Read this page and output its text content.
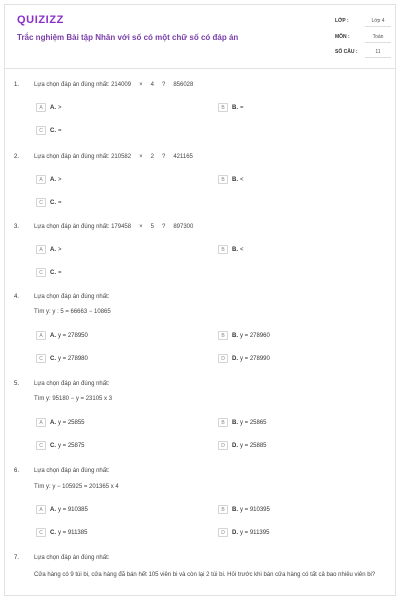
QUIZIZZ
Trắc nghiệm Bài tập Nhân với số có một chữ số có đáp án
LỚP :	Lớp 4
MÔN :	Toán
SỐ CÂU :	11
1. Lựa chọn đáp án đúng nhất: 214009 × 4 ? 856028
A	A. >	B	B. =
C	C. =
2. Lựa chọn đáp án đúng nhất: 210582 × 2 ? 421165
A	A. >	B	B. <
C	C. =
3. Lựa chọn đáp án đúng nhất: 179458 × 5 ? 897300
A	A. >	B	B. <
C	C. =
4. Lựa chọn đáp án đúng nhất:
Tìm y: y : 5 = 66663 − 10865
A	A. y = 278950	B	B. y = 278960
C	C. y = 278980	D	D. y = 278990
5. Lựa chọn đáp án đúng nhất:
Tìm y: 95180 − y = 23105 x 3
A	A. y = 25855	B	B. y = 25865
C	C. y = 25875	D	D. y = 25885
6. Lựa chọn đáp án đúng nhất:
Tìm y: y − 105925 = 201365 x 4
A	A. y = 910385	B	B. y = 910395
C	C. y = 911385	D	D. y = 911395
7. Lựa chọn đáp án đúng nhất:
Cửa hàng có 9 túi bi, cửa hàng đã bán hết 105 viên bi và còn lại 2 túi bi. Hỏi trước khi bán cửa hàng có tất cả bao nhiêu viên bi?
